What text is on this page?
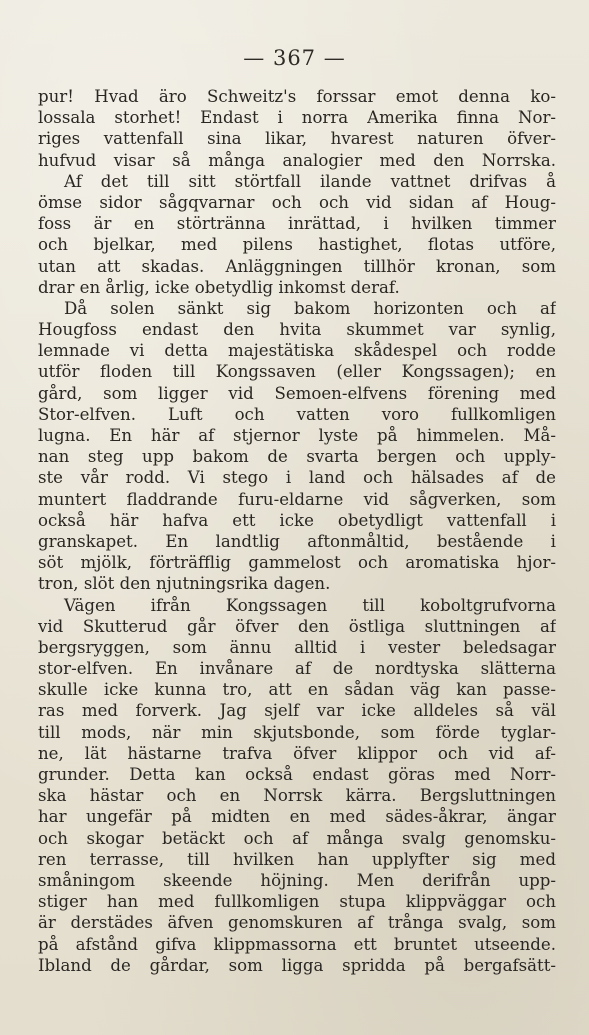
— 367 —
pur! Hvad äro Schweitz's forssar emot denna ko-
lossala storhet! Endast i norra Amerika finna Nor-
riges vattenfall sina likar, hvarest naturen öfver-
hufvud visar så många analogier med den Norrska.
Af det till sitt störtfall ilande vattnet drifvas å
ömse sidor sågqvarnar och och vid sidan af Houg-
foss är en störtränna inrättad, i hvilken timmer
och bjelkar, med pilens hastighet, flotas utföre,
utan att skadas. Anläggningen tillhör kronan, som
drar en årlig, icke obetydlig inkomst deraf.
Då solen sänkt sig bakom horizonten och af
Hougfoss endast den hvita skummet var synlig,
lemnade vi detta majestätiska skådespel och rodde
utför floden till Kongssaven (eller Kongssagen); en
gård, som ligger vid Semoen-elfvens förening med
Stor-elfven. Luft och vatten voro fullkomligen
lugna. En här af stjernor lyste på himmelen. Må-
nan steg upp bakom de svarta bergen och upply-
ste vår rodd. Vi stego i land och hälsades af de
muntert fladdrande furu-eldarne vid sågverken, som
också här hafva ett icke obetydligt vattenfall i
granskapet. En landtlig aftonmåltid, bestående i
söt mjölk, förträfflig gammelost och aromatiska hjor-
tron, slöt den njutningsrika dagen.
Vägen ifrån Kongssagen till koboltgrufvorna
vid Skutterud går öfver den östliga sluttningen af
bergsryggen, som ännu alltid i vester beledsagar
stor-elfven. En invånare af de nordtyska slätterna
skulle icke kunna tro, att en sådan väg kan passe-
ras med forverk. Jag sjelf var icke alldeles så väl
till mods, när min skjutsbonde, som förde tyglar-
ne, lät hästarne trafva öfver klippor och vid af-
grunder. Detta kan också endast göras med Norr-
ska hästar och en Norrsk kärra. Bergsluttningen
har ungefär på midten en med sädes-åkrar, ängar
och skogar betäckt och af många svalg genomsku-
ren terrasse, till hvilken han upplyfter sig med
småningom skeende höjning. Men derifrån upp-
stiger han med fullkomligen stupa klippväggar och
är derstädes äfven genomskuren af trånga svalg, som
på afstånd gifva klippmassorna ett bruntet utseende.
Ibland de gårdar, som ligga spridda på bergafsätt-
